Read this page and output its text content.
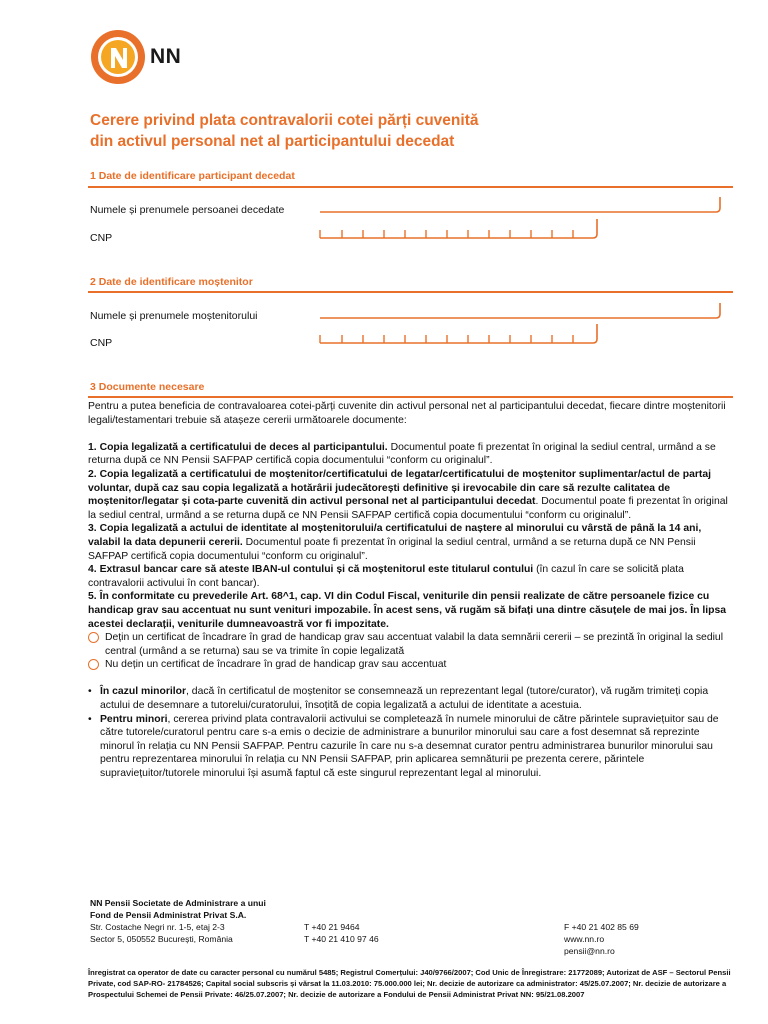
NN
Cerere privind plata contravalorii cotei părți cuvenită
din activul personal net al participantului decedat
1 Date de identificare participant decedat
Numele și prenumele persoanei decedate
CNP
2 Date de identificare moștenitor
Numele și prenumele moștenitorului
CNP
3 Documente necesare

Pentru a putea beneficia de contravaloarea cotei-părți cuvenite din activul personal net al participantului decedat, fiecare dintre moștenitorii legali/testamentari trebuie să atașeze cererii următoarele documente:

1. Copia legalizată a certificatului de deces al participantului. Documentul poate fi prezentat în original la sediul central, urmând a se returna după ce NN Pensii SAFPAP certifică copia documentului “conform cu originalul”.

2. Copia legalizată a certificatului de moștenitor/certificatului de legatar/certificatului de moștenitor suplimentar/actul de partaj voluntar, după caz sau copia legalizată a hotărârii judecătorești definitive și irevocabile din care să rezulte calitatea de moștenitor/legatar și cota-parte cuvenită din activul personal net al participantului decedat. Documentul poate fi prezentat în original la sediul central, urmând a se returna după ce NN Pensii SAFPAP certifică copia documentului “conform cu originalul”.

3. Copia legalizată a actului de identitate al moștenitorului/a certificatului de naștere al minorului cu vârstă de până la 14 ani, valabil la data depunerii cererii. Documentul poate fi prezentat în original la sediul central, urmând a se returna după ce NN Pensii SAFPAP certifică copia documentului “conform cu originalul”.

4. Extrasul bancar care să ateste IBAN-ul contului și că moștenitorul este titularul contului (în cazul în care se solicită plata contravalorii activului în cont bancar).

5. În conformitate cu prevederile Art. 68^1, cap. VI din Codul Fiscal, veniturile din pensii realizate de către persoanele fizice cu handicap grav sau accentuat nu sunt venituri impozabile. În acest sens, vă rugăm să bifați una dintre căsuțele de mai jos. În lipsa acestei declarații, veniturile dumneavoastră vor fi impozitate.

Dețin un certificat de încadrare în grad de handicap grav sau accentuat valabil la data semnării cererii – se prezintă în original la sediul central (urmând a se returna) sau se va trimite în copie legalizată
Nu dețin un certificat de încadrare în grad de handicap grav sau accentuat

• În cazul minorilor, dacă în certificatul de moștenitor se consemnează un reprezentant legal (tutore/curator), vă rugăm trimiteți copia actului de desemnare a tutorelui/curatorului, însoțită de copia legalizată a actului de identitate a acestuia.
• Pentru minori, cererea privind plata contravalorii activului se completează în numele minorului de către părintele supraviețuitor sau de către tutorele/curatorul pentru care s-a emis o decizie de administrare a bunurilor minorului sau care a fost desemnat să reprezinte minorul în relația cu NN Pensii SAFPAP. Pentru cazurile în care nu s-a desemnat curator pentru administrarea bunurilor minorului sau pentru reprezentarea minorului în relația cu NN Pensii SAFPAP, prin aplicarea semnăturii pe prezenta cerere, părintele supraviețuitor/tutorele minorului își asumă faptul că este singurul reprezentant legal al minorului.
NN Pensii Societate de Administrare a unui
Fond de Pensii Administrat Privat S.A.
Str. Costache Negri nr. 1-5, etaj 2-3
Sector 5, 050552 București, România
T +40 21 9464
T +40 21 410 97 46
F +40 21 402 85 69
www.nn.ro
pensii@nn.ro
Înregistrat ca operator de date cu caracter personal cu numărul 5485; Registrul Comerțului: J40/9766/2007; Cod Unic de Înregistrare: 21772089; Autorizat de ASF – Sectorul Pensii Private, cod SAP-RO- 21784526; Capital social subscris și vărsat la 11.03.2010: 75.000.000 lei; Nr. decizie de autorizare ca administrator: 45/25.07.2007; Nr. decizie de autorizare a Prospectului Schemei de Pensii Private: 46/25.07.2007; Nr. decizie de autorizare a Fondului de Pensii Administrat Privat NN: 95/21.08.2007
